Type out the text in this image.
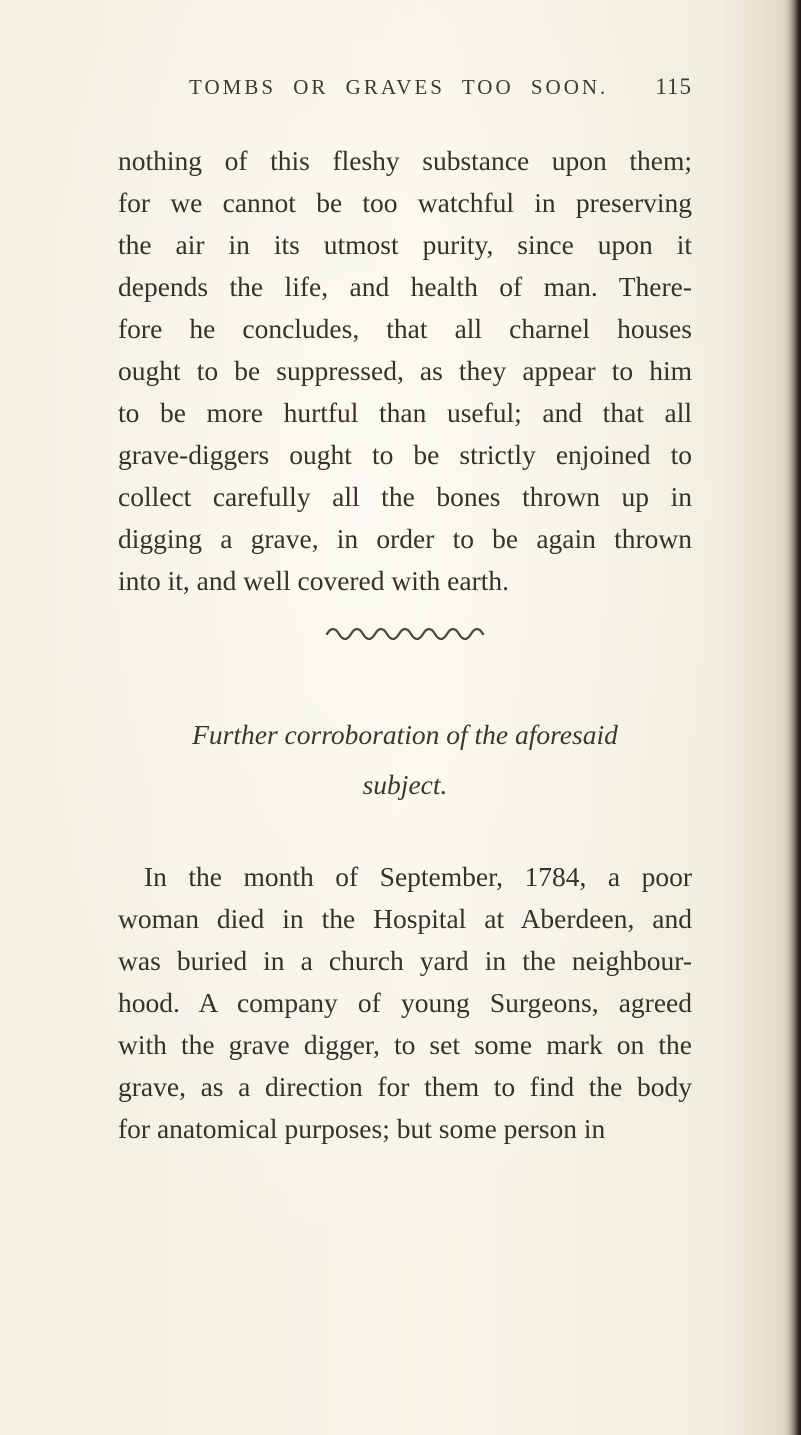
TOMBS OR GRAVES TOO SOON.	115
nothing of this fleshy substance upon them;
for we cannot be too watchful in preserving
the air in its utmost purity, since upon it
depends the life, and health of man. There-
fore he concludes, that all charnel houses
ought to be suppressed, as they appear to him
to be more hurtful than useful; and that all
grave-diggers ought to be strictly enjoined to
collect carefully all the bones thrown up in
digging a grave, in order to be again thrown
into it, and well covered with earth.
Further corroboration of the aforesaid
subject.
In the month of September, 1784, a poor
woman died in the Hospital at Aberdeen, and
was buried in a church yard in the neighbour-
hood. A company of young Surgeons, agreed
with the grave digger, to set some mark on the
grave, as a direction for them to find the body
for anatomical purposes; but some person in
